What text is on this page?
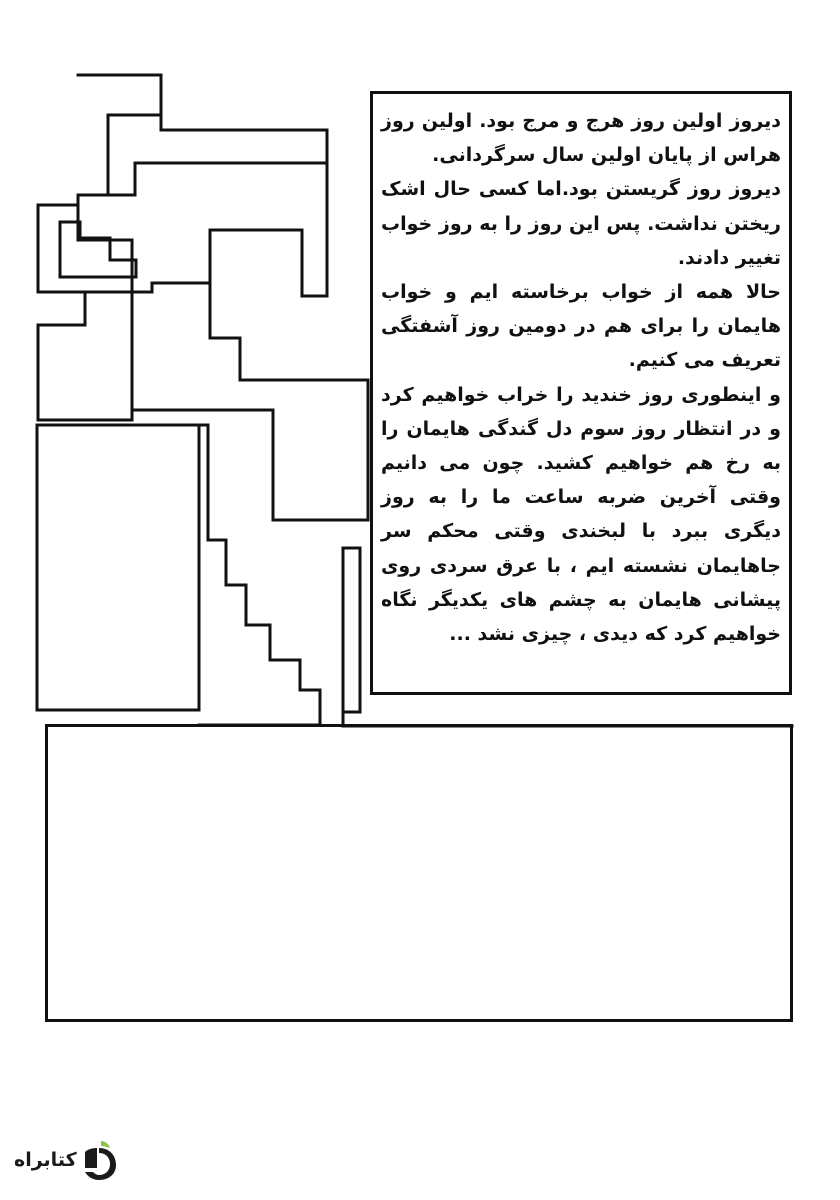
دیروز اولین روز هرج و مرج بود. اولین روز هراس از پایان اولین سال سرگردانی.

دیروز روز گریستن بود.اما کسی حال اشک ریختن نداشت. پس این روز را به روز خواب تغییر دادند.

حالا همه از خواب برخاسته ایم و خواب هایمان را برای هم در دومین روز آشفتگی تعریف می کنیم.

و اینطوری روز خندید را خراب خواهیم کرد و در انتظار روز سوم دل گندگی هایمان را به رخ هم خواهیم کشید. چون می دانیم وقتی آخرین ضربه ساعت ما را به روز دیگری ببرد با لبخندی وقتی محکم سر جاهایمان نشسته ایم ، با عرق سردی روی پیشانی هایمان به چشم های یکدیگر نگاه خواهیم کرد که دیدی ، چیزی نشد ...

کتابراه
